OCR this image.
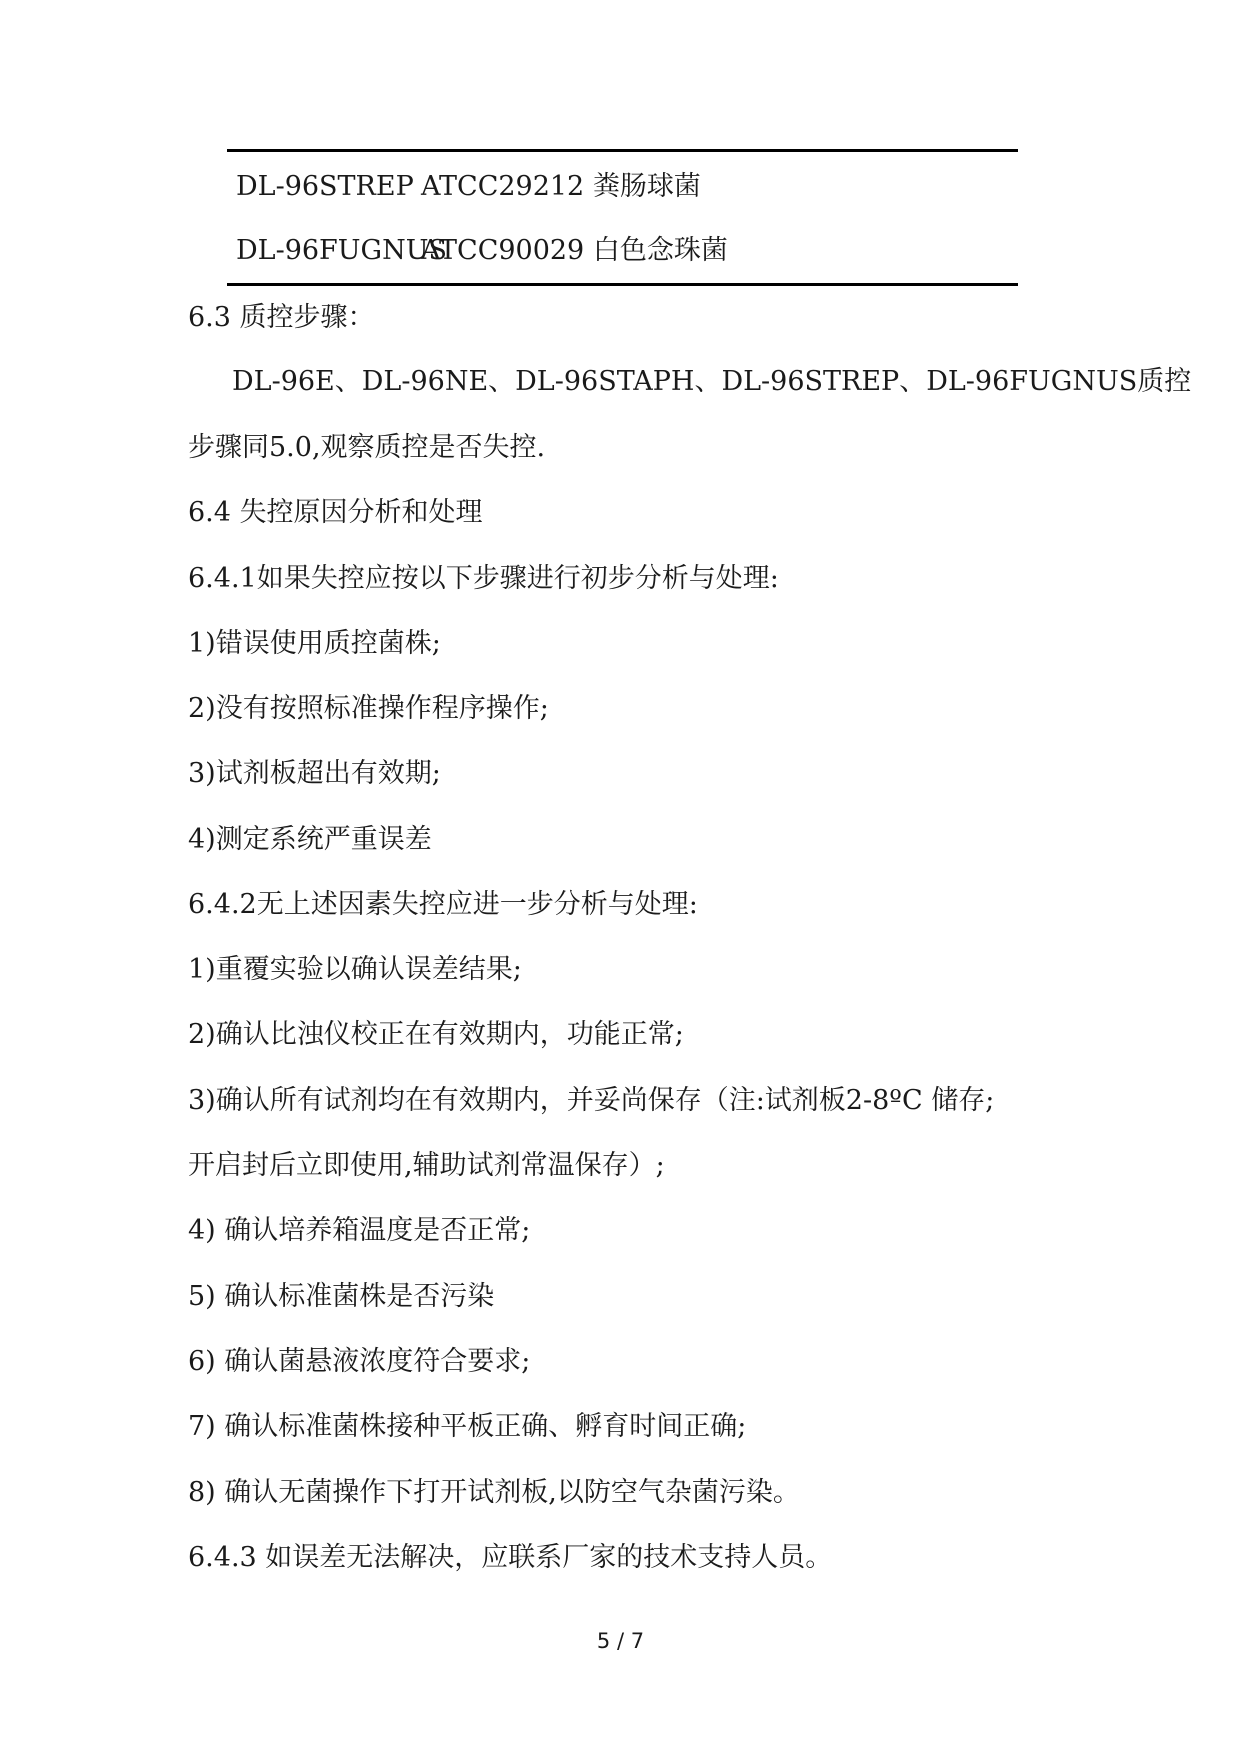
DL-96STREP ATCC29212 粪肠球菌
DL-96FUGNUSATCC90029 白色念珠菌
6.3 质控步骤：
DL-96E、DL-96NE、DL-96STAPH、DL-96STREP、DL-96FUGNUS质控
步骤同5.0,观察质控是否失控.
6.4 失控原因分析和处理
6.4.1如果失控应按以下步骤进行初步分析与处理:
1)错误使用质控菌株;
2)没有按照标准操作程序操作;
3)试剂板超出有效期;
4)测定系统严重误差
6.4.2无上述因素失控应进一步分析与处理:
1)重覆实验以确认误差结果;
2)确认比浊仪校正在有效期内，功能正常;
3)确认所有试剂均在有效期内，并妥尚保存（注:试剂板2-8ºC 储存;
开启封后立即使用,辅助试剂常温保存）;
4) 确认培养箱温度是否正常;
5) 确认标准菌株是否污染
6) 确认菌悬液浓度符合要求;
7) 确认标准菌株接种平板正确、孵育时间正确;
8) 确认无菌操作下打开试剂板,以防空气杂菌污染。
6.4.3 如误差无法解决，应联系厂家的技术支持人员。
5 / 7
